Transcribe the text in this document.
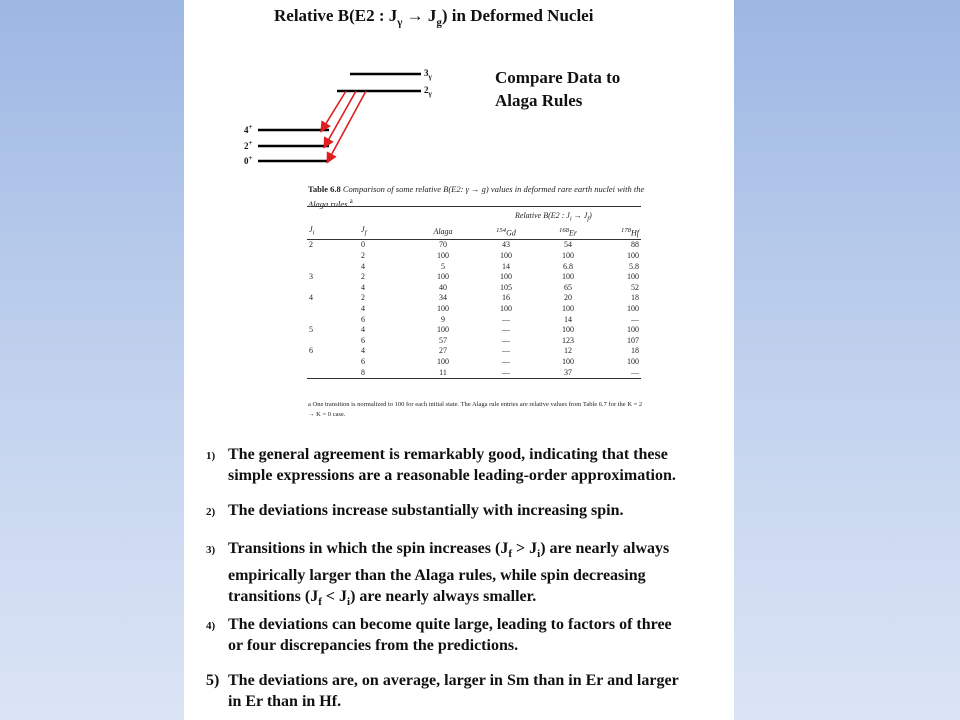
Relative B(E2 : $J_\gamma \to J_g$) in Deformed Nuclei
$3_\gamma$
$2_\gamma$
4+
2+
0+
Compare Data to
Alaga Rules
Table 6.8 Comparison of some relative B(E2: γ → g) values in deformed rare earth nuclei with the Alaga rules $^a$
			Relative B(E2 : $J_i \to J_f$)		
$J_i$	$J_f$	Alaga	$^{154}$Gd	$^{168}$Er	$^{178}$Hf
2	0	70	43	54	88
	2	100	100	100	100
	4	5	14	6.8	5.8
3	2	100	100	100	100
	4	40	105	65	52
4	2	34	16	20	18
	4	100	100	100	100
	6	9	—	14	—
5	4	100	—	100	100
	6	57	—	123	107
6	4	27	—	12	18
	6	100	—	100	100
	8	11	—	37	—

a One transition is normalized to 100 for each initial state. The Alaga rule entries are relative values from Table 6.7 for the K = 2 → K = 0 case.
1) The general agreement is remarkably good, indicating that these
simple expressions are a reasonable leading-order approximation.
2) The deviations increase substantially with increasing spin.
3) Transitions in which the spin increases $(J_f > J_i)$ are nearly always
empirically larger than the Alaga rules, while spin decreasing
transitions $(J_f < J_i)$ are nearly always smaller.
4) The deviations can become quite large, leading to factors of three
or four discrepancies from the predictions.
5) The deviations are, on average, larger in Sm than in Er and larger
in Er than in Hf.
